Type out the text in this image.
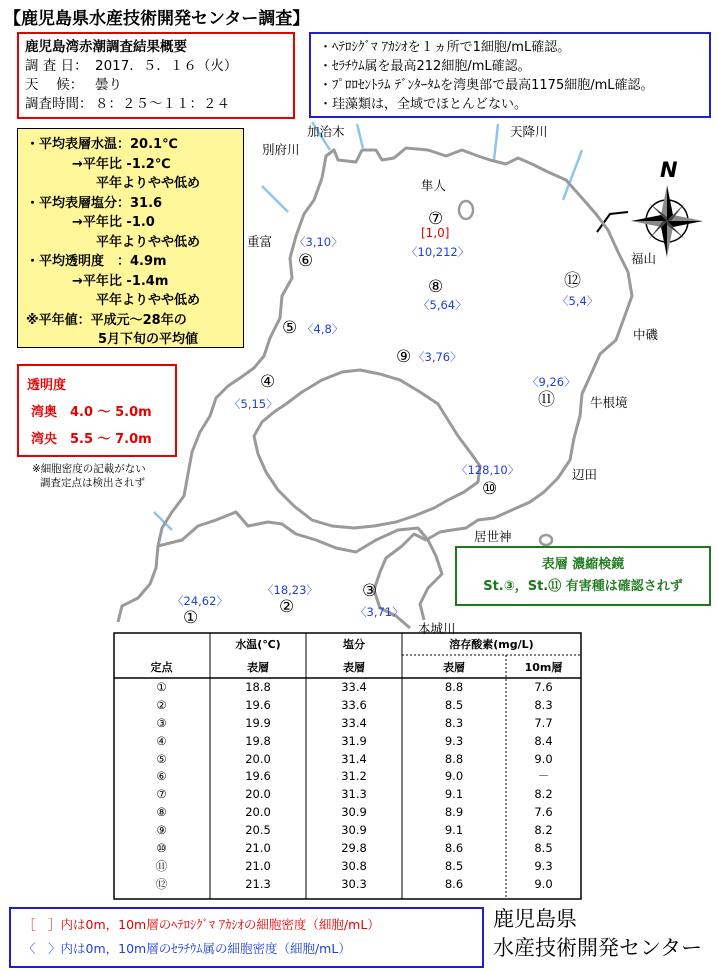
N
【鹿児島県水産技術開発センター調査】
鹿児島湾赤潮調査結果概要
調 査 日： 2017．５．１６（火）
天　 候： 曇り
調査時間： ８：２５～１１：２４
・ﾍﾃﾛｼｸﾞﾏ ｱｶｼｵを１ヵ所で1細胞/mL確認。
・ｾﾗﾁｳﾑ属を最高212細胞/mL確認。
・ﾌﾟﾛﾛｾﾝﾄﾗﾑ ﾃﾞﾝﾀｰﾀﾑを湾奥部で最高1175細胞/mL確認。
・珪藻類は，全域でほとんどない。
・平均表層水温：20.1℃
→平年比 -1.2℃
平年よりやや低め
・平均表層塩分：31.6
→平年比 -1.0
平年よりやや低め
・平均透明度　：4.9m
→平年比 -1.4m
平年よりやや低め
※平年値：平成元～28年の
5月下旬の平均値
透明度
湾奥　4.0 ～ 5.0m
湾央　5.5 ～ 7.0m
※細胞密度の記載がない
調査定点は検出されず
加治木	天降川
別府川
隼人
重富
福山
中磯
牛根境
辺田
居世神
本城川
①
〈24,62〉	②
〈18,23〉	③
〈3,71〉
④
〈5,15〉
⑤ 〈4,8〉
⑥
〈3,10〉
⑦
[1,0]
〈10,212〉
⑧
〈5,64〉
⑨ 〈3,76〉
⑩
〈128,10〉
⑪
〈9,26〉
⑫
〈5,4〉
表層 濃縮検鏡
St.③，St.⑪ 有害種は確認されず
	水温(℃)	塩分	溶存酸素(mg/L)	
定点	表層	表層	表層	10m層
①	18.8	33.4	8.8	7.6
②	19.6	33.6	8.5	8.3
③	19.9	33.4	8.3	7.7
④	19.8	31.9	9.3	8.4
⑤	20.0	31.4	8.8	9.0
⑥	19.6	31.2	9.0	－
⑦	20.0	31.3	9.1	8.2
⑧	20.0	30.9	8.9	7.6
⑨	20.5	30.9	9.1	8.2
⑩	21.0	29.8	8.6	8.5
⑪	21.0	30.8	8.5	9.3
⑫	21.3	30.3	8.6	9.0
［　］内は0m，10m層のﾍﾃﾛｼｸﾞﾏ ｱｶｼｵの細胞密度（細胞/mL）
〈　〉内は0m，10m層のｾﾗﾁｳﾑ属の細胞密度（細胞/mL）
鹿児島県
水産技術開発センター
